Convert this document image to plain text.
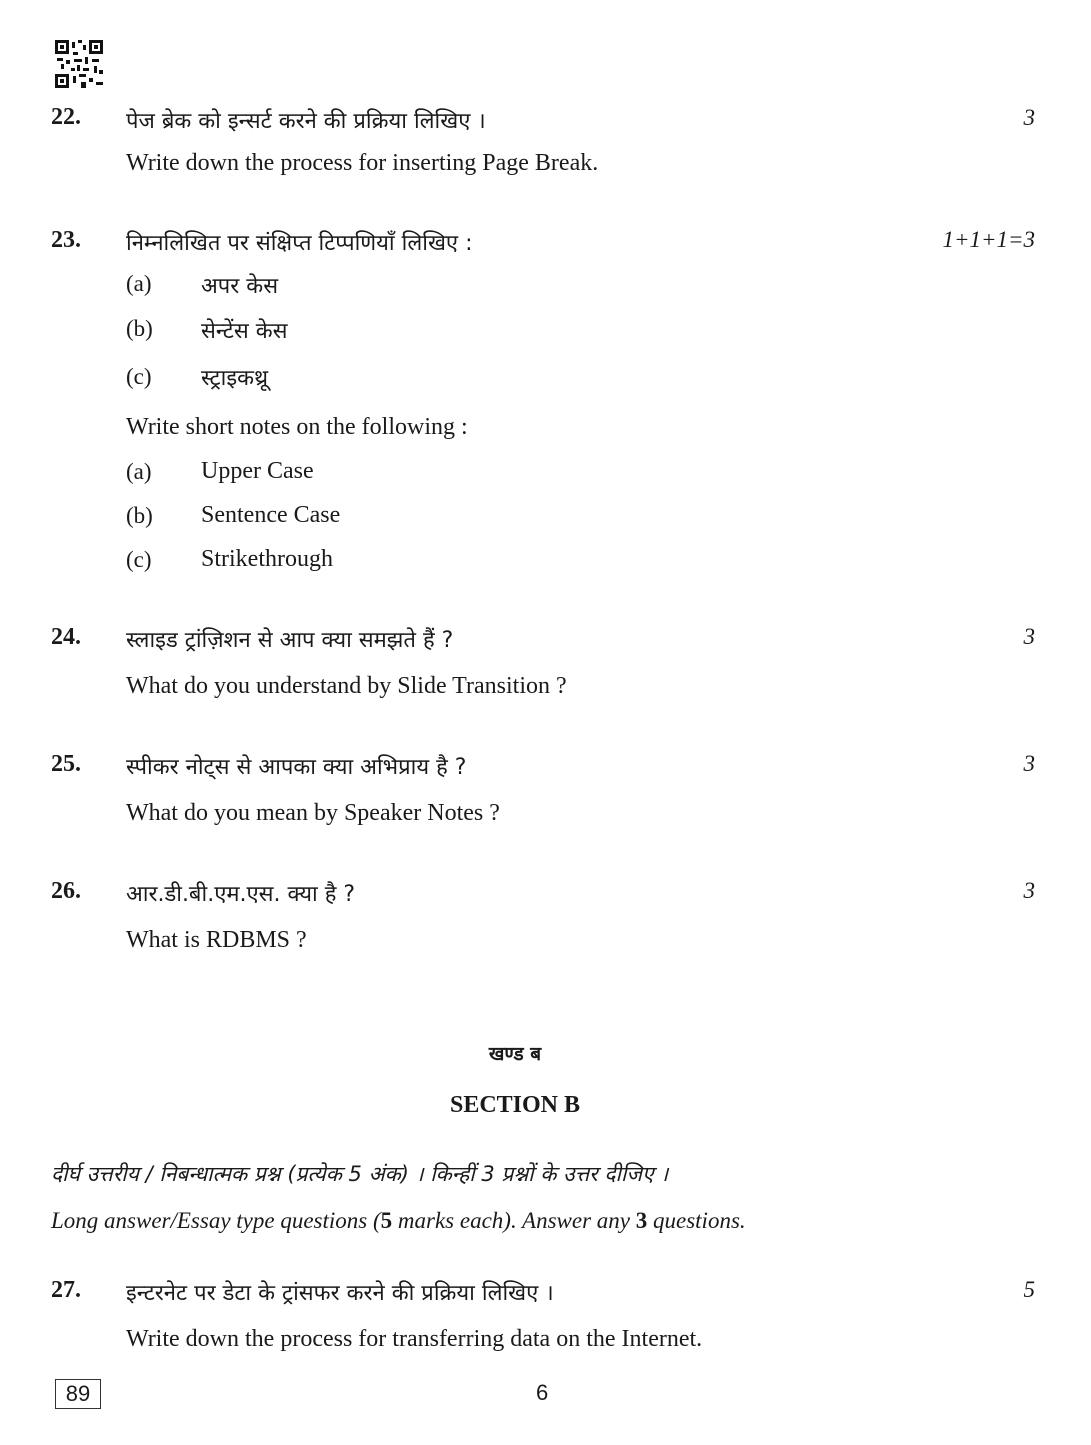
22. पेज ब्रेक को इन्सर्ट करने की प्रक्रिया लिखिए ।	3
Write down the process for inserting Page Break.
23. निम्नलिखित पर संक्षिप्त टिप्पणियाँ लिखिए :	1+1+1=3
(a) अपर केस
(b) सेन्टेंस केस
(c) स्ट्राइकथ्रू
Write short notes on the following :
(a) Upper Case
(b) Sentence Case
(c) Strikethrough
24. स्लाइड ट्रांज़िशन से आप क्या समझते हैं ?	3
What do you understand by Slide Transition ?
25. स्पीकर नोट्स से आपका क्या अभिप्राय है ?	3
What do you mean by Speaker Notes ?
26. आर.डी.बी.एम.एस. क्या है ?	3
What is RDBMS ?
खण्ड ब
SECTION B
दीर्घ उत्तरीय / निबन्धात्मक प्रश्न (प्रत्येक 5 अंक) । किन्हीं 3 प्रश्नों के उत्तर दीजिए ।
Long answer/Essay type questions (5 marks each). Answer any 3 questions.
27. इन्टरनेट पर डेटा के ट्रांसफर करने की प्रक्रिया लिखिए ।	5
Write down the process for transferring data on the Internet.
89	6
